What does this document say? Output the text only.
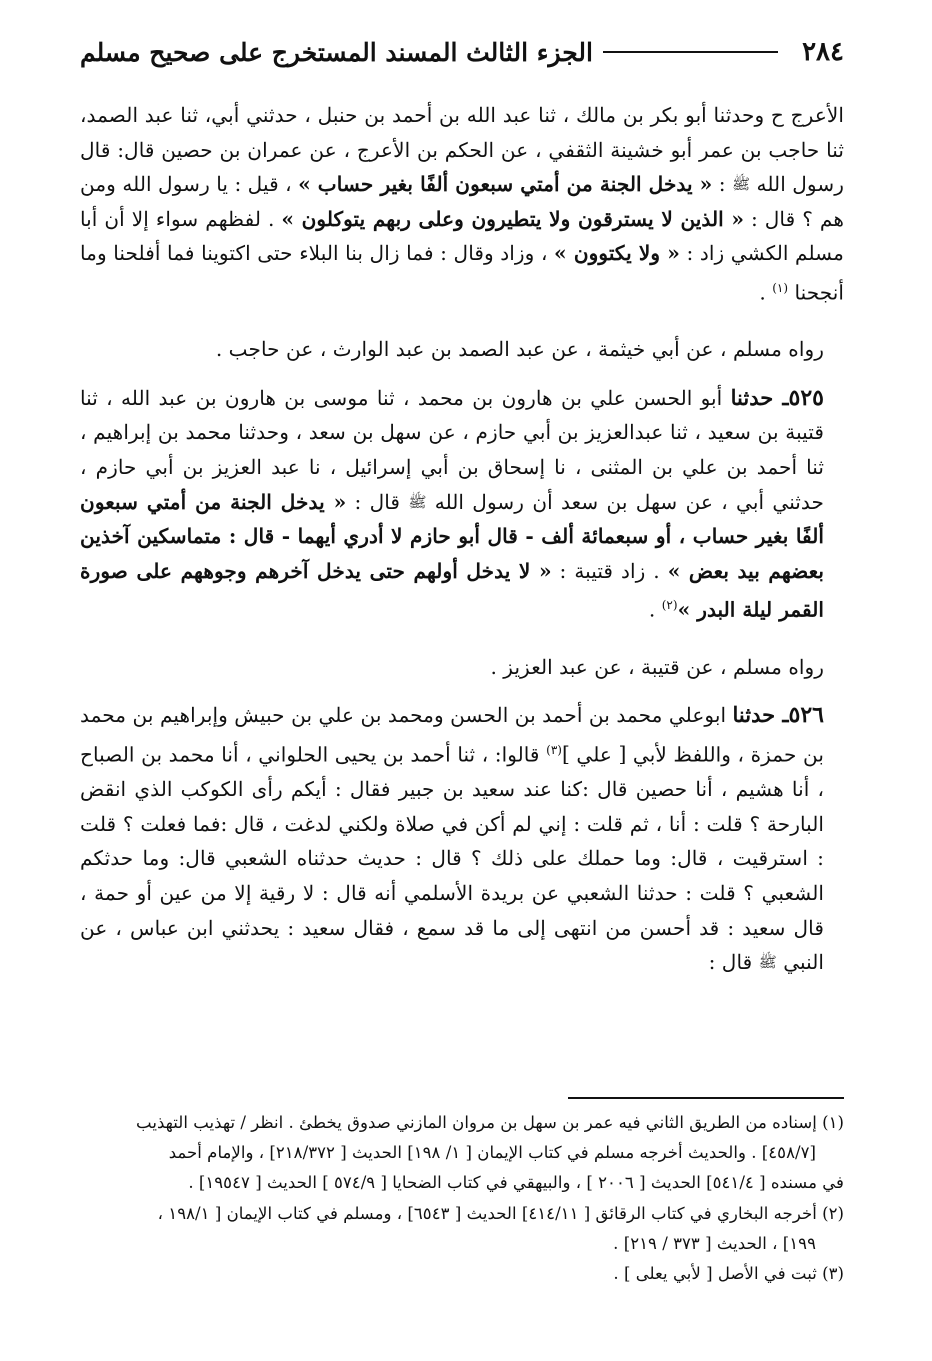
٢٨٤
الجزء الثالث المسند المستخرج على صحيح مسلم

الأعرج ح وحدثنا أبو بكر بن مالك ، ثنا عبد الله بن أحمد بن حنبل ، حدثني أبي، ثنا عبد الصمد، ثنا حاجب بن عمر أبو خشينة الثقفي ، عن الحكم بن الأعرج ، عن عمران بن حصين قال: قال رسول الله ﷺ : « يدخل الجنة من أمتي سبعون ألفًا بغير حساب » ، قيل : يا رسول الله ومن هم ؟ قال : « الذين لا يسترقون ولا يتطيرون وعلى ربهم يتوكلون » . لفظهم سواء إلا أن أبا مسلم الكشي زاد : « ولا يكتوون » ، وزاد وقال : فما زال بنا البلاء حتى اكتوينا فما أفلحنا وما أنجحنا $^{(١)}$ .

رواه مسلم ، عن أبي خيثمة ، عن عبد الصمد بن عبد الوارث ، عن حاجب .

٥٢٥ـ حدثنا أبو الحسن علي بن هارون بن محمد ، ثنا موسى بن هارون بن عبد الله ، ثنا قتيبة بن سعيد ، ثنا عبدالعزيز بن أبي حازم ، عن سهل بن سعد ، وحدثنا محمد بن إبراهيم ، ثنا أحمد بن علي بن المثنى ، نا إسحاق بن أبي إسرائيل ، نا عبد العزيز بن أبي حازم ، حدثني أبي ، عن سهل بن سعد أن رسول الله ﷺ قال : « يدخل الجنة من أمتي سبعون ألفًا بغير حساب ، أو سبعمائة ألف - قال أبو حازم لا أدري أيهما - قال : متماسكين آخذين بعضهم بيد بعض » . زاد قتيبة : « لا يدخل أولهم حتى يدخل آخرهم وجوههم على صورة القمر ليلة البدر »$^{(٢)}$ .

رواه مسلم ، عن قتيبة ، عن عبد العزيز .

٥٢٦ـ حدثنا ابوعلي محمد بن أحمد بن الحسن ومحمد بن علي بن حبيش وإبراهيم بن محمد بن حمزة ، واللفظ لأبي [ علي ]$^{(٣)}$ قالوا: ، ثنا أحمد بن يحيى الحلواني ، أنا محمد بن الصباح ، أنا هشيم ، أنا حصين قال :كنا عند سعيد بن جبير فقال : أيكم رأى الكوكب الذي انقض البارحة ؟ قلت : أنا ، ثم قلت : إني لم أكن في صلاة ولكني لدغت ، قال :فما فعلت ؟ قلت : استرقيت ، قال: وما حملك على ذلك ؟ قال : حديث حدثناه الشعبي قال: وما حدثكم الشعبي ؟ قلت : حدثنا الشعبي عن بريدة الأسلمي أنه قال : لا رقية إلا من عين أو حمة ، قال سعيد : قد أحسن من انتهى إلى ما قد سمع ، فقال سعيد : يحدثني ابن عباس ، عن النبي ﷺ قال :

(١) إسناده من الطريق الثاني فيه عمر بن سهل بن مروان المازني صدوق يخطئ . انظر / تهذيب التهذيب

[٤٥٨/٧] . والحديث أخرجه مسلم في كتاب الإيمان [ ١/ ١٩٨] الحديث [ ٢١٨/٣٧٢] ، والإمام أحمد

في مسنده [ ٥٤١/٤] الحديث [ ٢٠٠٦ ] ، والبيهقي في كتاب الضحايا [ ٥٧٤/٩ ] الحديث [ ١٩٥٤٧] .

(٢) أخرجه البخاري في كتاب الرقائق [ ٤١٤/١١] الحديث [ ٦٥٤٣] ، ومسلم في كتاب الإيمان [ ١٩٨/١ ،

١٩٩] ، الحديث [ ٣٧٣ / ٢١٩] .

(٣) ثبت في الأصل [ لأبي يعلى ] .
